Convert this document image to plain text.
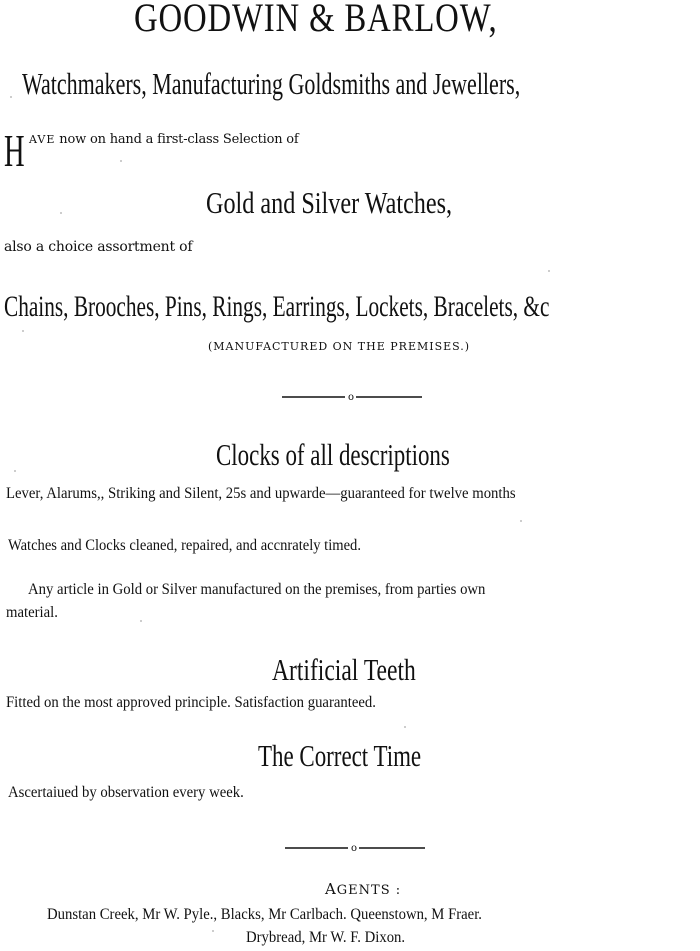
GOODWIN & BARLOW,
Watchmakers, Manufacturing Goldsmiths and Jewellers,
H AVE now on hand a first-class Selection of
Gold and Silver Watches,
also a choice assortment of
Chains, Brooches, Pins, Rings, Earrings, Lockets, Bracelets, &c
(MANUFACTURED ON THE PREMISES.)
o
Clocks of all descriptions
Lever, Alarums,, Striking and Silent, 25s and upwarde—guaranteed for twelve months
Watches and Clocks cleaned, repaired, and accnrately timed.
Any article in Gold or Silver manufactured on the premises, from parties own
material.
Artificial Teeth
Fitted on the most approved principle. Satisfaction guaranteed.
The Correct Time
Ascertaiued by observation every week.
o
AGENTS :
Dunstan Creek, Mr W. Pyle., Blacks, Mr Carlbach. Queenstown, M Fraer.
Drybread, Mr W. F. Dixon.
